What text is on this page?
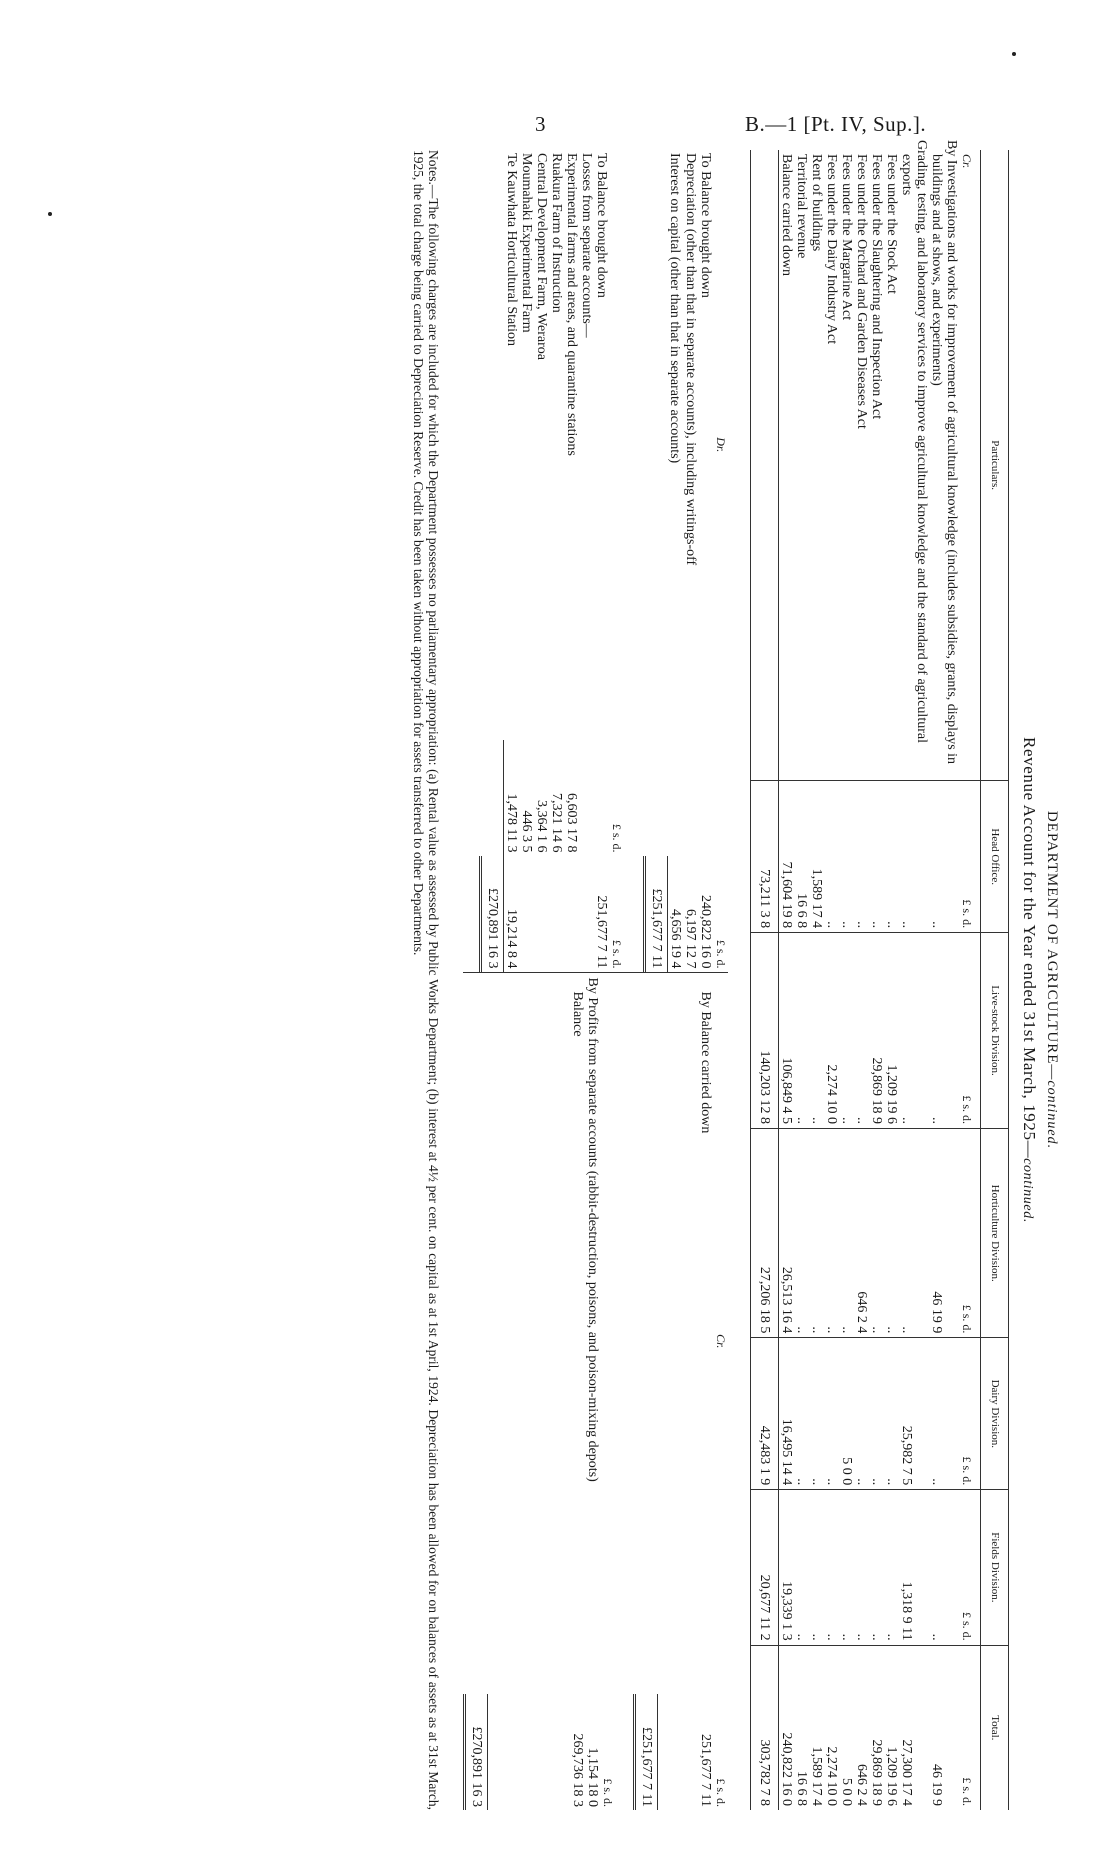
3	B.—1 [Pt. IV, Sup.].
DEPARTMENT OF AGRICULTURE—continued.
Revenue Account for the Year ended 31st March, 1925—continued.
Particulars.	Head Office.	Live-stock Division.	Horticulture Division.	Dairy Division.	Fields Division.	Total.
Cr.	£ s. d.	£ s. d.	£ s. d.	£ s. d.	£ s. d.	£ s. d.
By Investigations and works for improvement of agricultural knowledge (includes subsidies, grants, displays in buildings and at shows, and experiments)	..	..	46 19 9	..	..	46 19 9
Grading, testing, and laboratory services to improve agricultural knowledge and the standard of agricultural exports	..	..	..	25,982 7 5	1,318 9 11	27,300 17 4
Fees under the Stock Act	..	1,209 19 6	..	..	..	1,209 19 6
Fees under the Slaughtering and Inspection Act	..	29,869 18 9	..	..	..	29,869 18 9
Fees under the Orchard and Garden Diseases Act	..	..	646 2 4	..	..	646 2 4
Fees under the Margarine Act	..	..	..	5 0 0	..	5 0 0
Fees under the Dairy Industry Act	..	2,274 10 0	..	..	..	2,274 10 0
Rent of buildings	1,589 17 4	..	..	..	..	1,589 17 4
Territorial revenue	16 6 8	..	..	..	..	16 6 8
Balance carried down	71,604 19 8	106,849 4 5	26,513 16 4	16,495 14 4	19,339 1 3	240,822 16 0
	73,211 3 8	140,203 12 8	27,206 18 5	42,483 1 9	20,677 11 2	303,782 7 8
Dr.		£ s. d.
To Balance brought down		240,822 16 0
Depreciation (other than that in separate accounts), including writings-off		6,197 12 7
Interest on capital (other than that in separate accounts)		4,656 19 4
		£251,677 7 11

	£ s. d.	£ s. d.
To Balance brought down		251,677 7 11
Losses from separate accounts—		
Experimental farms and areas, and quarantine stations	6,603 17 8	
Ruakura Farm of Instruction	7,321 14 6	
Central Development Farm, Weraroa	3,364 1 6	
Moumahaki Experimental Farm	446 3 5	
Te Kauwhata Horticultural Station	1,478 11 3	19,214 8 4
		£270,891 16 3
Cr.	£ s. d.
By Balance carried down	251,677 7 11

	£251,677 7 11

	£ s. d.
By Profits from separate accounts (rabbit-destruction, poisons, and poison-mixing depots)	1,154 18 0
Balance	269,736 18 3

	£270,891 16 3
Notes.—The following charges are included for which the Department possesses no parliamentary appropriation: (a) Rental value as assessed by Public Works Department; (b) interest at 4½ per cent. on capital as at 1st April, 1924. Depreciation has been allowed for on balances of assets as at 31st March, 1925, the total charge being carried to Depreciation Reserve. Credit has been taken without appropriation for assets transferred to other Departments.
